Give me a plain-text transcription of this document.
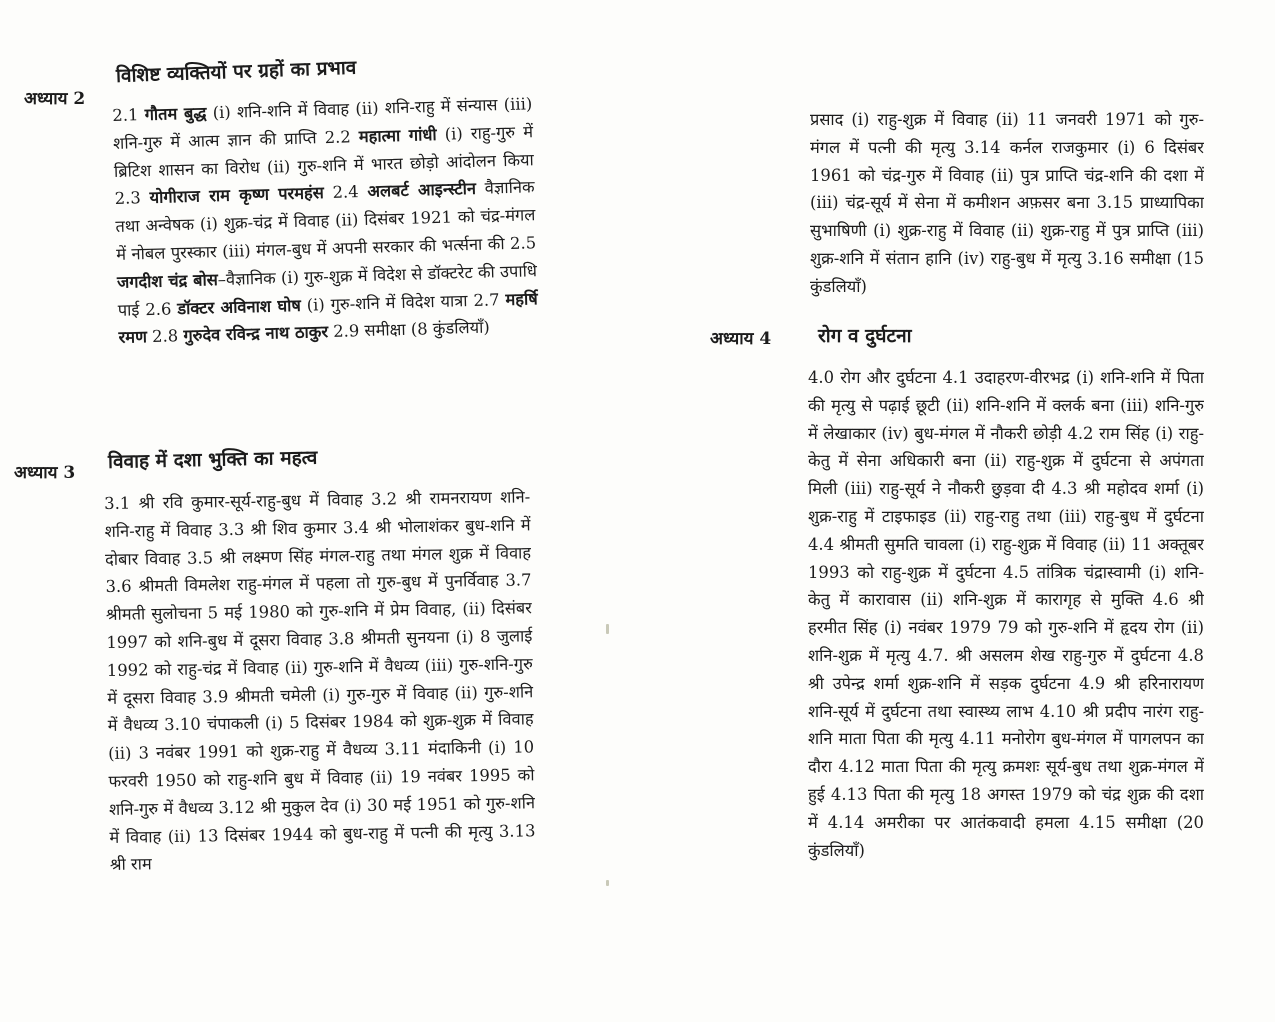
अध्याय 2
विशिष्ट व्यक्तियों पर ग्रहों का प्रभाव

2.1 गौतम बुद्ध (i) शनि-शनि में विवाह (ii) शनि-राहु में संन्यास (iii) शनि-गुरु में आत्म ज्ञान की प्राप्ति 2.2 महात्मा गांधी (i) राहु-गुरु में ब्रिटिश शासन का विरोध (ii) गुरु-शनि में भारत छोड़ो आंदोलन किया 2.3 योगीराज राम कृष्ण परमहंस 2.4 अलबर्ट आइन्स्टीन वैज्ञानिक तथा अन्वेषक (i) शुक्र-चंद्र में विवाह (ii) दिसंबर 1921 को चंद्र-मंगल में नोबल पुरस्कार (iii) मंगल-बुध में अपनी सरकार की भर्त्सना की 2.5 जगदीश चंद्र बोस–वैज्ञानिक (i) गुरु-शुक्र में विदेश से डॉक्टरेट की उपाधि पाई 2.6 डॉक्टर अविनाश घोष (i) गुरु-शनि में विदेश यात्रा 2.7 महर्षि रमण 2.8 गुरुदेव रविन्द्र नाथ ठाकुर 2.9 समीक्षा (8 कुंडलियाँ)

अध्याय 3
विवाह में दशा भुक्ति का महत्व

3.1 श्री रवि कुमार-सूर्य-राहु-बुध में विवाह 3.2 श्री रामनरायण शनि-शनि-राहु में विवाह 3.3 श्री शिव कुमार 3.4 श्री भोलाशंकर बुध-शनि में दोबार विवाह 3.5 श्री लक्ष्मण सिंह मंगल-राहु तथा मंगल शुक्र में विवाह 3.6 श्रीमती विमलेश राहु-मंगल में पहला तो गुरु-बुध में पुनर्विवाह 3.7 श्रीमती सुलोचना 5 मई 1980 को गुरु-शनि में प्रेम विवाह, (ii) दिसंबर 1997 को शनि-बुध में दूसरा विवाह 3.8 श्रीमती सुनयना (i) 8 जुलाई 1992 को राहु-चंद्र में विवाह (ii) गुरु-शनि में वैधव्य (iii) गुरु-शनि-गुरु में दूसरा विवाह 3.9 श्रीमती चमेली (i) गुरु-गुरु में विवाह (ii) गुरु-शनि में वैधव्य 3.10 चंपाकली (i) 5 दिसंबर 1984 को शुक्र-शुक्र में विवाह (ii) 3 नवंबर 1991 को शुक्र-राहु में वैधव्य 3.11 मंदाकिनी (i) 10 फरवरी 1950 को राहु-शनि बुध में विवाह (ii) 19 नवंबर 1995 को शनि-गुरु में वैधव्य 3.12 श्री मुकुल देव (i) 30 मई 1951 को गुरु-शनि में विवाह (ii) 13 दिसंबर 1944 को बुध-राहु में पत्नी की मृत्यु 3.13 श्री राम

प्रसाद (i) राहु-शुक्र में विवाह (ii) 11 जनवरी 1971 को गुरु-मंगल में पत्नी की मृत्यु 3.14 कर्नल राजकुमार (i) 6 दिसंबर 1961 को चंद्र-गुरु में विवाह (ii) पुत्र प्राप्ति चंद्र-शनि की दशा में (iii) चंद्र-सूर्य में सेना में कमीशन अफ़सर बना 3.15 प्राध्यापिका सुभाषिणी (i) शुक्र-राहु में विवाह (ii) शुक्र-राहु में पुत्र प्राप्ति (iii) शुक्र-शनि में संतान हानि (iv) राहु-बुध में मृत्यु 3.16 समीक्षा (15 कुंडलियाँ)

अध्याय 4 रोग व दुर्घटना

4.0 रोग और दुर्घटना 4.1 उदाहरण-वीरभद्र (i) शनि-शनि में पिता की मृत्यु से पढ़ाई छूटी (ii) शनि-शनि में क्लर्क बना (iii) शनि-गुरु में लेखाकार (iv) बुध-मंगल में नौकरी छोड़ी 4.2 राम सिंह (i) राहु-केतु में सेना अधिकारी बना (ii) राहु-शुक्र में दुर्घटना से अपंगता मिली (iii) राहु-सूर्य ने नौकरी छुड़वा दी 4.3 श्री महोदव शर्मा (i) शुक्र-राहु में टाइफाइड (ii) राहु-राहु तथा (iii) राहु-बुध में दुर्घटना 4.4 श्रीमती सुमति चावला (i) राहु-शुक्र में विवाह (ii) 11 अक्तूबर 1993 को राहु-शुक्र में दुर्घटना 4.5 तांत्रिक चंद्रास्वामी (i) शनि-केतु में कारावास (ii) शनि-शुक्र में कारागृह से मुक्ति 4.6 श्री हरमीत सिंह (i) नवंबर 1979 79 को गुरु-शनि में हृदय रोग (ii) शनि-शुक्र में मृत्यु 4.7. श्री असलम शेख राहु-गुरु में दुर्घटना 4.8 श्री उपेन्द्र शर्मा शुक्र-शनि में सड़क दुर्घटना 4.9 श्री हरिनारायण शनि-सूर्य में दुर्घटना तथा स्वास्थ्य लाभ 4.10 श्री प्रदीप नारंग राहु-शनि माता पिता की मृत्यु 4.11 मनोरोग बुध-मंगल में पागलपन का दौरा 4.12 माता पिता की मृत्यु क्रमशः सूर्य-बुध तथा शुक्र-मंगल में हुई 4.13 पिता की मृत्यु 18 अगस्त 1979 को चंद्र शुक्र की दशा में 4.14 अमरीका पर आतंकवादी हमला 4.15 समीक्षा (20 कुंडलियाँ)
